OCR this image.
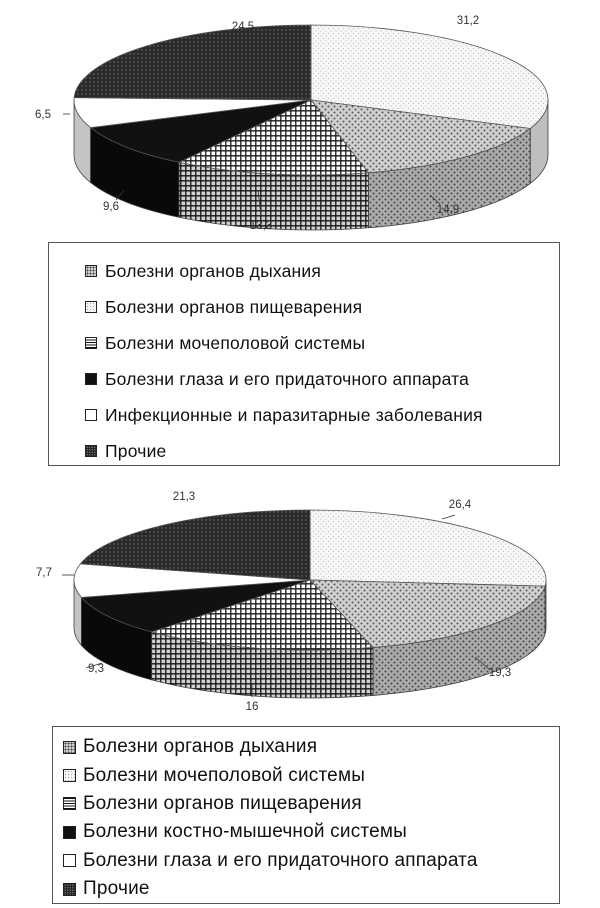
14,9
31,2
13,3
9,6
6,5
24,5
Болезни органов дыхания
Болезни органов пищеварения
Болезни мочеполовой системы
Болезни глаза и его придаточного аппарата
Инфекционные и паразитарные заболевания
Прочие
19,3
26,4
16
9,3
7,7
21,3
Болезни органов дыхания
Болезни мочеполовой системы
Болезни органов пищеварения
Болезни костно-мышечной системы
Болезни глаза и его придаточного аппарата
Прочие
